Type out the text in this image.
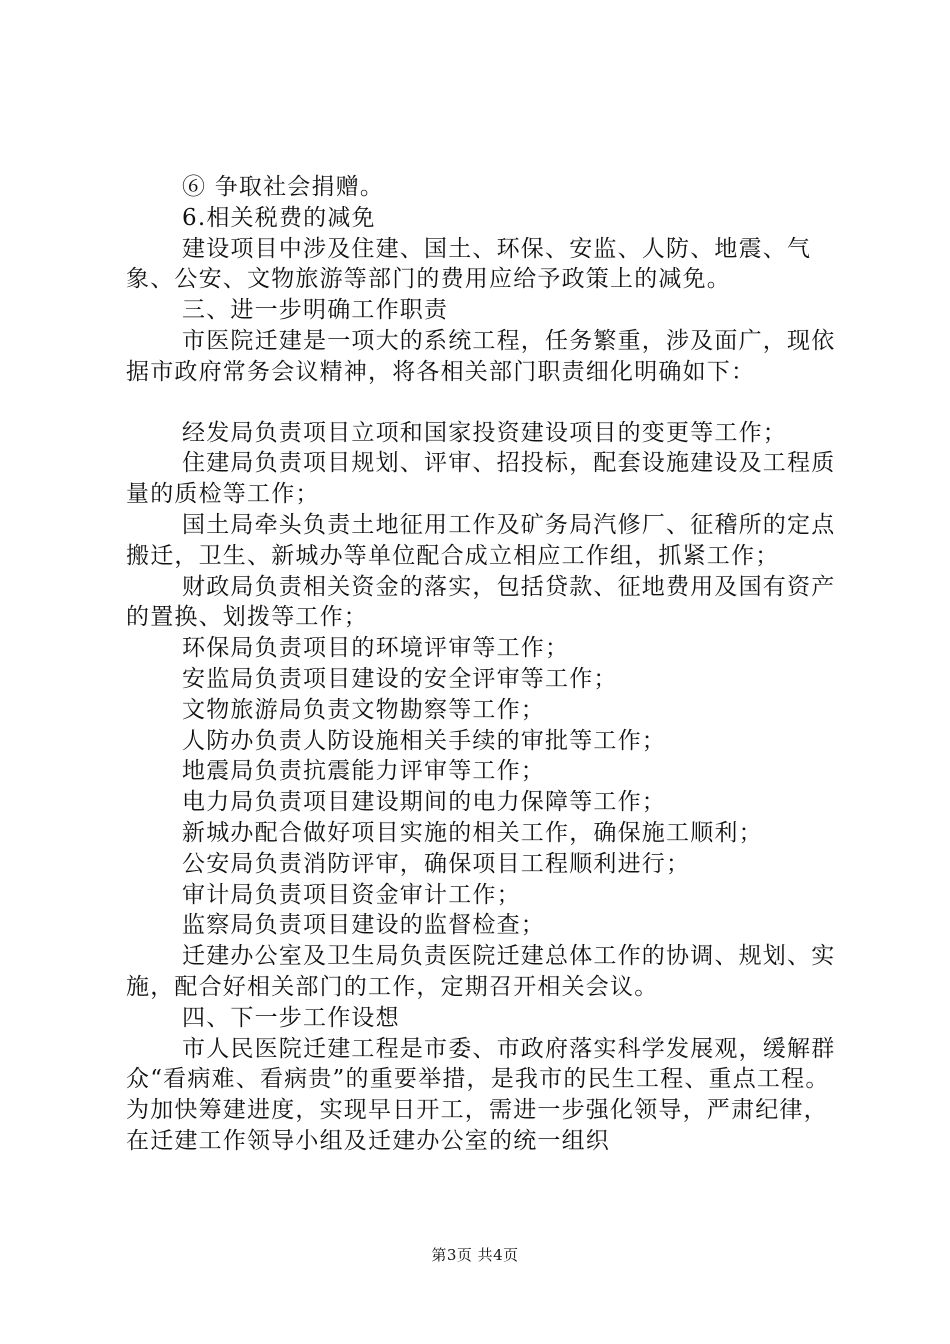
⑥ 争取社会捐赠。

6.相关税费的减免

建设项目中涉及住建、国土、环保、安监、人防、地震、气象、公安、文物旅游等部门的费用应给予政策上的减免。

三、进一步明确工作职责

市医院迁建是一项大的系统工程，任务繁重，涉及面广，现依据市政府常务会议精神，将各相关部门职责细化明确如下：

经发局负责项目立项和国家投资建设项目的变更等工作；

住建局负责项目规划、评审、招投标，配套设施建设及工程质量的质检等工作；

国土局牵头负责土地征用工作及矿务局汽修厂、征稽所的定点搬迁，卫生、新城办等单位配合成立相应工作组，抓紧工作；

财政局负责相关资金的落实，包括贷款、征地费用及国有资产的置换、划拨等工作；

环保局负责项目的环境评审等工作；

安监局负责项目建设的安全评审等工作；

文物旅游局负责文物勘察等工作；

人防办负责人防设施相关手续的审批等工作；

地震局负责抗震能力评审等工作；

电力局负责项目建设期间的电力保障等工作；

新城办配合做好项目实施的相关工作，确保施工顺利；

公安局负责消防评审，确保项目工程顺利进行；

审计局负责项目资金审计工作；

监察局负责项目建设的监督检查；

迁建办公室及卫生局负责医院迁建总体工作的协调、规划、实施，配合好相关部门的工作，定期召开相关会议。

四、下一步工作设想

市人民医院迁建工程是市委、市政府落实科学发展观，缓解群众“看病难、看病贵”的重要举措，是我市的民生工程、重点工程。为加快筹建进度，实现早日开工，需进一步强化领导，严肃纪律，在迁建工作领导小组及迁建办公室的统一组织

第3页 共4页
